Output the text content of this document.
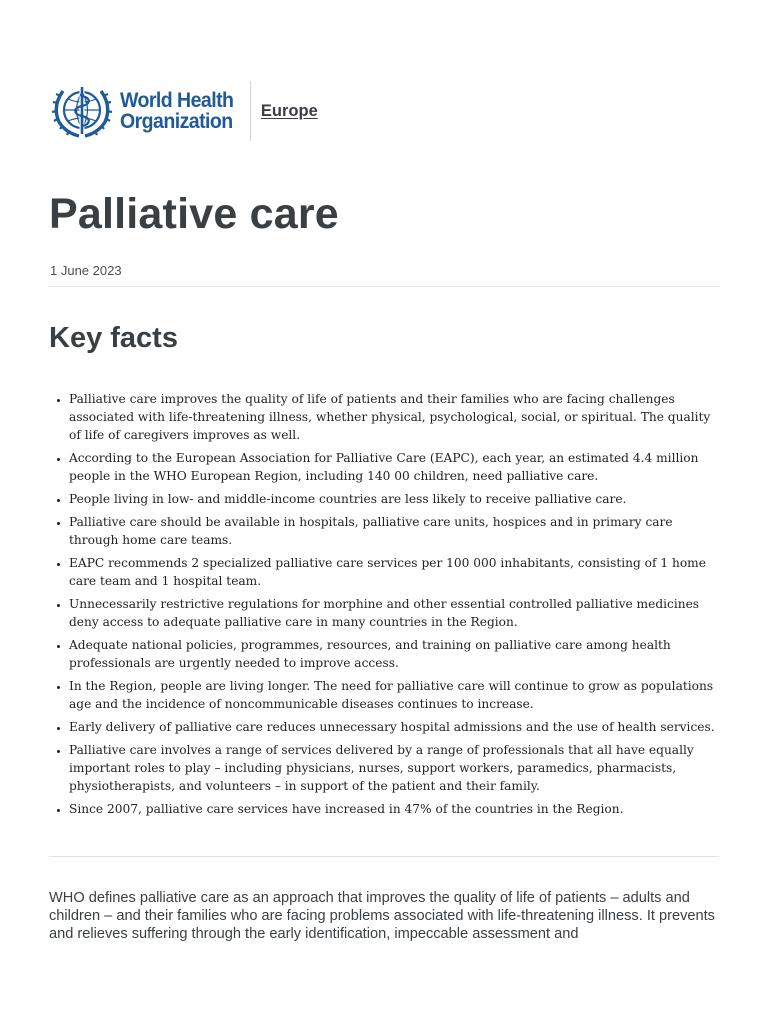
World Health
Organization Europe
Palliative care
1 June 2023
Key facts
• Palliative care improves the quality of life of patients and their families who are facing challenges associated with life-threatening illness, whether physical, psychological, social, or spiritual. The quality of life of caregivers improves as well.
• According to the European Association for Palliative Care (EAPC), each year, an estimated 4.4 million people in the WHO European Region, including 140 00 children, need palliative care.
• People living in low- and middle-income countries are less likely to receive palliative care.
• Palliative care should be available in hospitals, palliative care units, hospices and in primary care through home care teams.
• EAPC recommends 2 specialized palliative care services per 100 000 inhabitants, consisting of 1 home care team and 1 hospital team.
• Unnecessarily restrictive regulations for morphine and other essential controlled palliative medicines deny access to adequate palliative care in many countries in the Region.
• Adequate national policies, programmes, resources, and training on palliative care among health professionals are urgently needed to improve access.
• In the Region, people are living longer. The need for palliative care will continue to grow as populations age and the incidence of noncommunicable diseases continues to increase.
• Early delivery of palliative care reduces unnecessary hospital admissions and the use of health services.
• Palliative care involves a range of services delivered by a range of professionals that all have equally important roles to play – including physicians, nurses, support workers, paramedics, pharmacists, physiotherapists, and volunteers – in support of the patient and their family.
• Since 2007, palliative care services have increased in 47% of the countries in the Region.

WHO defines palliative care as an approach that improves the quality of life of patients – adults and children – and their families who are facing problems associated with life-threatening illness. It prevents and relieves suffering through the early identification, impeccable assessment and
